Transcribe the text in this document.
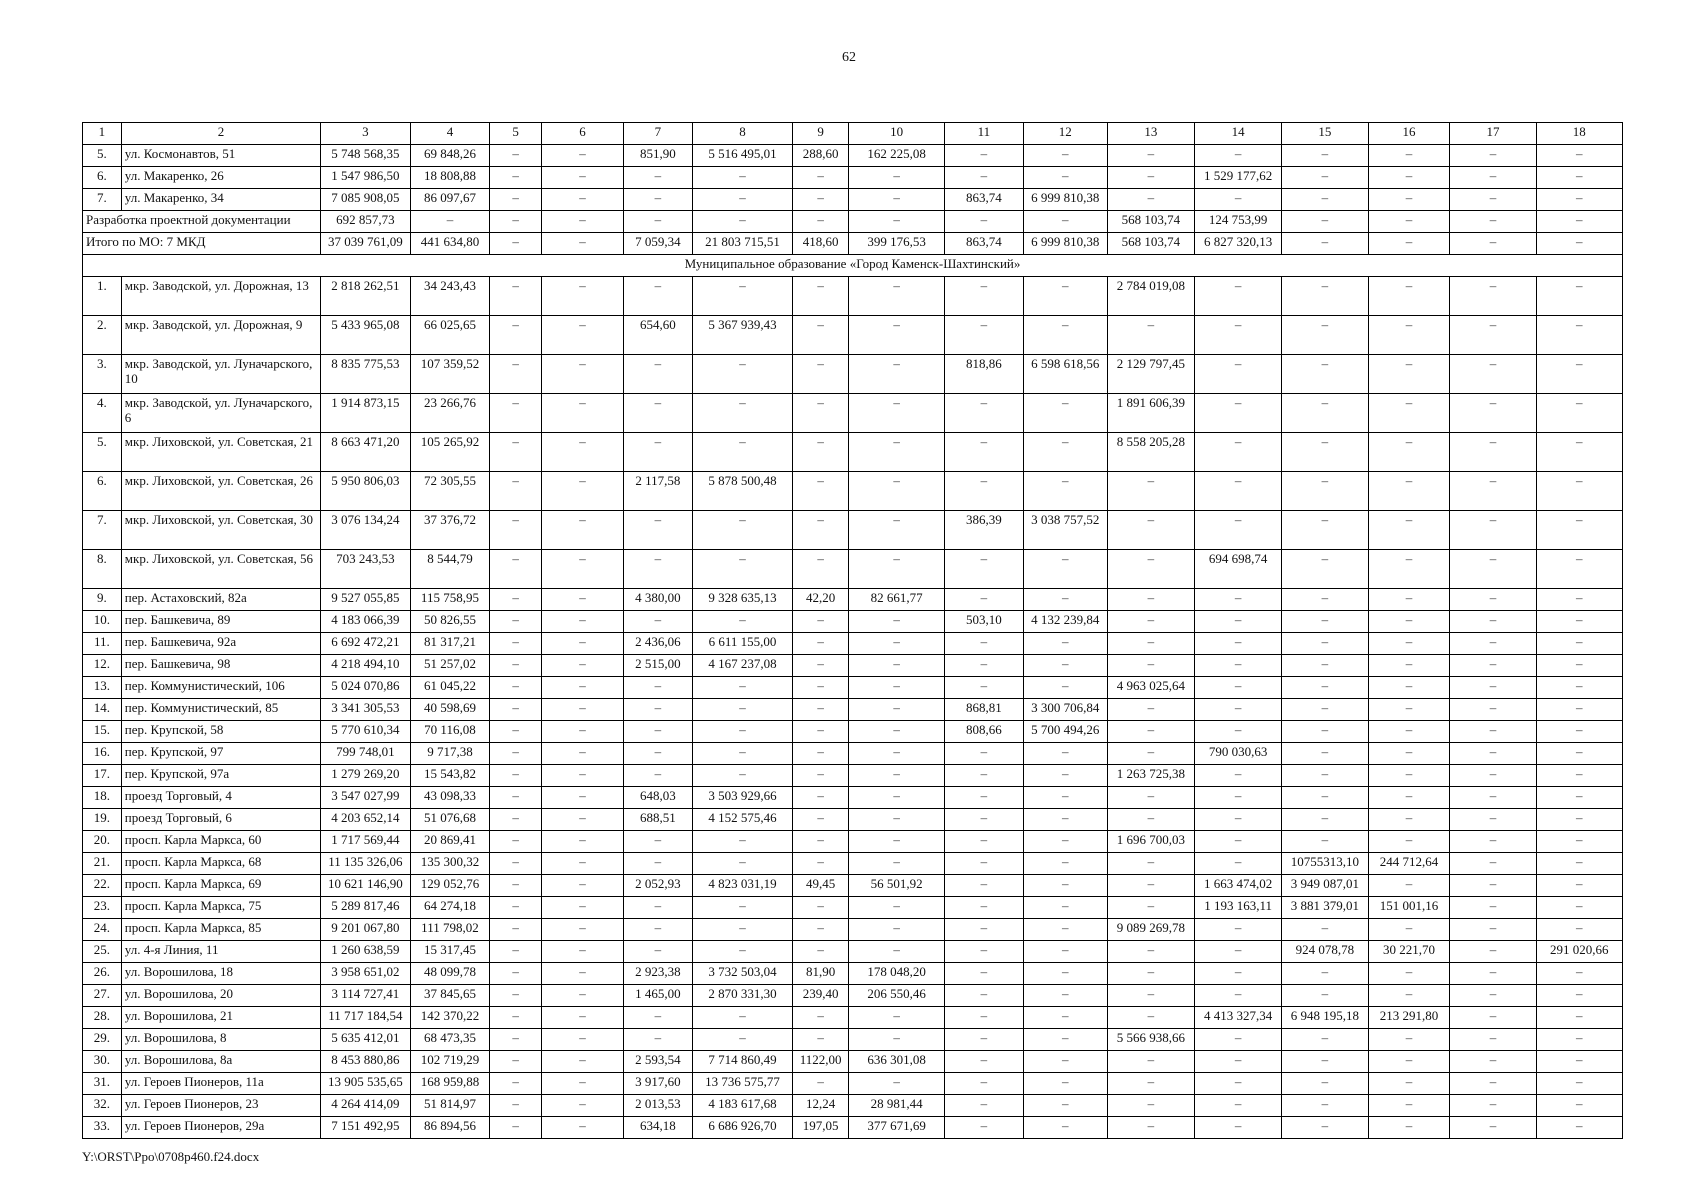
62
1	2	3	4	5	6	7	8	9	10	11	12	13	14	15	16	17	18
5.	ул. Космонавтов, 51	5 748 568,35	69 848,26	–	–	851,90	5 516 495,01	288,60	162 225,08	–	–	–	–	–	–	–	–
6.	ул. Макаренко, 26	1 547 986,50	18 808,88	–	–	–	–	–	–	–	–	–	1 529 177,62	–	–	–	–
7.	ул. Макаренко, 34	7 085 908,05	86 097,67	–	–	–	–	–	–	863,74	6 999 810,38	–	–	–	–	–	–
Разработка проектной документации		692 857,73	–	–	–	–	–	–	–	–	–	568 103,74	124 753,99	–	–	–	–
Итого по МО: 7 МКД		37 039 761,09	441 634,80	–	–	7 059,34	21 803 715,51	418,60	399 176,53	863,74	6 999 810,38	568 103,74	6 827 320,13	–	–	–	–
Муниципальное образование «Город Каменск-Шахтинский»																	
1.	мкр. Заводской, ул. Дорожная, 13	2 818 262,51	34 243,43	–	–	–	–	–	–	–	–	2 784 019,08	–	–	–	–	–
2.	мкр. Заводской, ул. Дорожная, 9	5 433 965,08	66 025,65	–	–	654,60	5 367 939,43	–	–	–	–	–	–	–	–	–	–
3.	мкр. Заводской, ул. Луначарского, 10	8 835 775,53	107 359,52	–	–	–	–	–	–	818,86	6 598 618,56	2 129 797,45	–	–	–	–	–
4.	мкр. Заводской, ул. Луначарского, 6	1 914 873,15	23 266,76	–	–	–	–	–	–	–	–	1 891 606,39	–	–	–	–	–
5.	мкр. Лиховской, ул. Советская, 21	8 663 471,20	105 265,92	–	–	–	–	–	–	–	–	8 558 205,28	–	–	–	–	–
6.	мкр. Лиховской, ул. Советская, 26	5 950 806,03	72 305,55	–	–	2 117,58	5 878 500,48	–	–	–	–	–	–	–	–	–	–
7.	мкр. Лиховской, ул. Советская, 30	3 076 134,24	37 376,72	–	–	–	–	–	–	386,39	3 038 757,52	–	–	–	–	–	–
8.	мкр. Лиховской, ул. Советская, 56	703 243,53	8 544,79	–	–	–	–	–	–	–	–	–	694 698,74	–	–	–	–
9.	пер. Астаховский, 82а	9 527 055,85	115 758,95	–	–	4 380,00	9 328 635,13	42,20	82 661,77	–	–	–	–	–	–	–	–
10.	пер. Башкевича, 89	4 183 066,39	50 826,55	–	–	–	–	–	–	503,10	4 132 239,84	–	–	–	–	–	–
11.	пер. Башкевича, 92а	6 692 472,21	81 317,21	–	–	2 436,06	6 611 155,00	–	–	–	–	–	–	–	–	–	–
12.	пер. Башкевича, 98	4 218 494,10	51 257,02	–	–	2 515,00	4 167 237,08	–	–	–	–	–	–	–	–	–	–
13.	пер. Коммунистический, 106	5 024 070,86	61 045,22	–	–	–	–	–	–	–	–	4 963 025,64	–	–	–	–	–
14.	пер. Коммунистический, 85	3 341 305,53	40 598,69	–	–	–	–	–	–	868,81	3 300 706,84	–	–	–	–	–	–
15.	пер. Крупской, 58	5 770 610,34	70 116,08	–	–	–	–	–	–	808,66	5 700 494,26	–	–	–	–	–	–
16.	пер. Крупской, 97	799 748,01	9 717,38	–	–	–	–	–	–	–	–	–	790 030,63	–	–	–	–
17.	пер. Крупской, 97а	1 279 269,20	15 543,82	–	–	–	–	–	–	–	–	1 263 725,38	–	–	–	–	–
18.	проезд Торговый, 4	3 547 027,99	43 098,33	–	–	648,03	3 503 929,66	–	–	–	–	–	–	–	–	–	–
19.	проезд Торговый, 6	4 203 652,14	51 076,68	–	–	688,51	4 152 575,46	–	–	–	–	–	–	–	–	–	–
20.	просп. Карла Маркса, 60	1 717 569,44	20 869,41	–	–	–	–	–	–	–	–	1 696 700,03	–	–	–	–	–
21.	просп. Карла Маркса, 68	11 135 326,06	135 300,32	–	–	–	–	–	–	–	–	–	–	10755313,10	244 712,64	–	–
22.	просп. Карла Маркса, 69	10 621 146,90	129 052,76	–	–	2 052,93	4 823 031,19	49,45	56 501,92	–	–	–	1 663 474,02	3 949 087,01	–	–	–
23.	просп. Карла Маркса, 75	5 289 817,46	64 274,18	–	–	–	–	–	–	–	–	–	1 193 163,11	3 881 379,01	151 001,16	–	–
24.	просп. Карла Маркса, 85	9 201 067,80	111 798,02	–	–	–	–	–	–	–	–	9 089 269,78	–	–	–	–	–
25.	ул. 4-я Линия, 11	1 260 638,59	15 317,45	–	–	–	–	–	–	–	–	–	–	924 078,78	30 221,70	–	291 020,66
26.	ул. Ворошилова, 18	3 958 651,02	48 099,78	–	–	2 923,38	3 732 503,04	81,90	178 048,20	–	–	–	–	–	–	–	–
27.	ул. Ворошилова, 20	3 114 727,41	37 845,65	–	–	1 465,00	2 870 331,30	239,40	206 550,46	–	–	–	–	–	–	–	–
28.	ул. Ворошилова, 21	11 717 184,54	142 370,22	–	–	–	–	–	–	–	–	–	4 413 327,34	6 948 195,18	213 291,80	–	–
29.	ул. Ворошилова, 8	5 635 412,01	68 473,35	–	–	–	–	–	–	–	–	5 566 938,66	–	–	–	–	–
30.	ул. Ворошилова, 8а	8 453 880,86	102 719,29	–	–	2 593,54	7 714 860,49	1122,00	636 301,08	–	–	–	–	–	–	–	–
31.	ул. Героев Пионеров, 11а	13 905 535,65	168 959,88	–	–	3 917,60	13 736 575,77	–	–	–	–	–	–	–	–	–	–
32.	ул. Героев Пионеров, 23	4 264 414,09	51 814,97	–	–	2 013,53	4 183 617,68	12,24	28 981,44	–	–	–	–	–	–	–	–
33.	ул. Героев Пионеров, 29а	7 151 492,95	86 894,56	–	–	634,18	6 686 926,70	197,05	377 671,69	–	–	–	–	–	–	–	–
Y:\ORST\Ppo\0708p460.f24.docx
